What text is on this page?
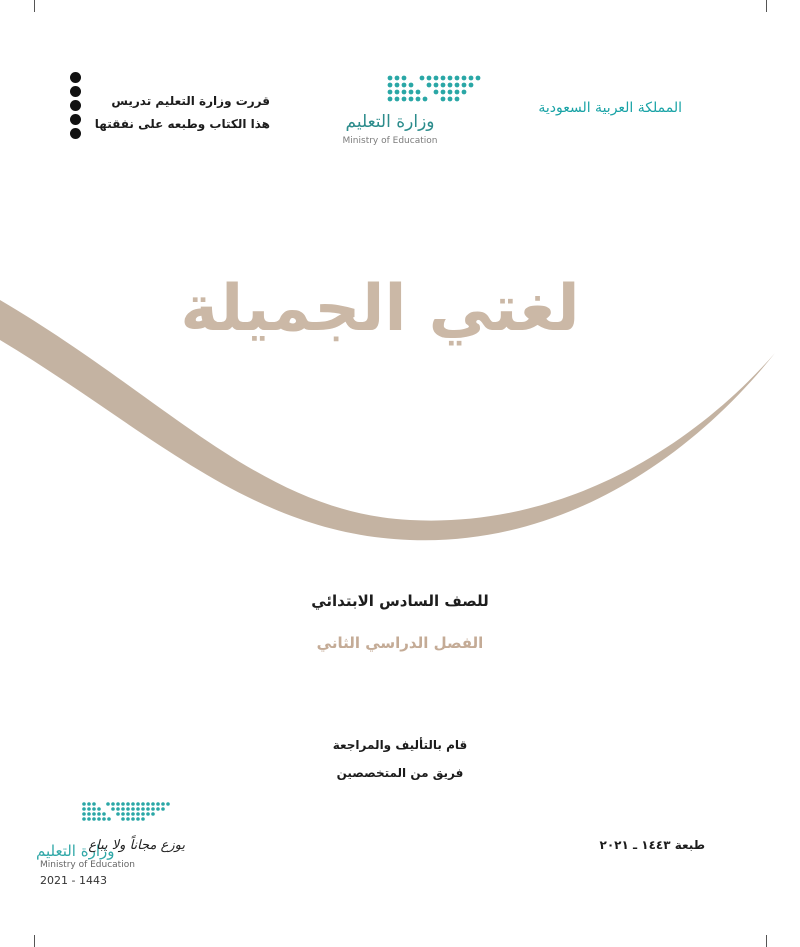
المملكة العربية السعودية
وزارة التعليم
Ministry of Education
قررت وزارة التعليم تدريس
هذا الكتاب وطبعه على نفقتها
لغتي الجميلة
للصف السادس الابتدائي
الفصل الدراسي الثاني
قام بالتأليف والمراجعة
فريق من المتخصصين
طبعة ١٤٤٣ ـ ٢٠٢١
وزارة التعليم
يوزع مجاناً ولا يباع
Ministry of Education
2021 - 1443
